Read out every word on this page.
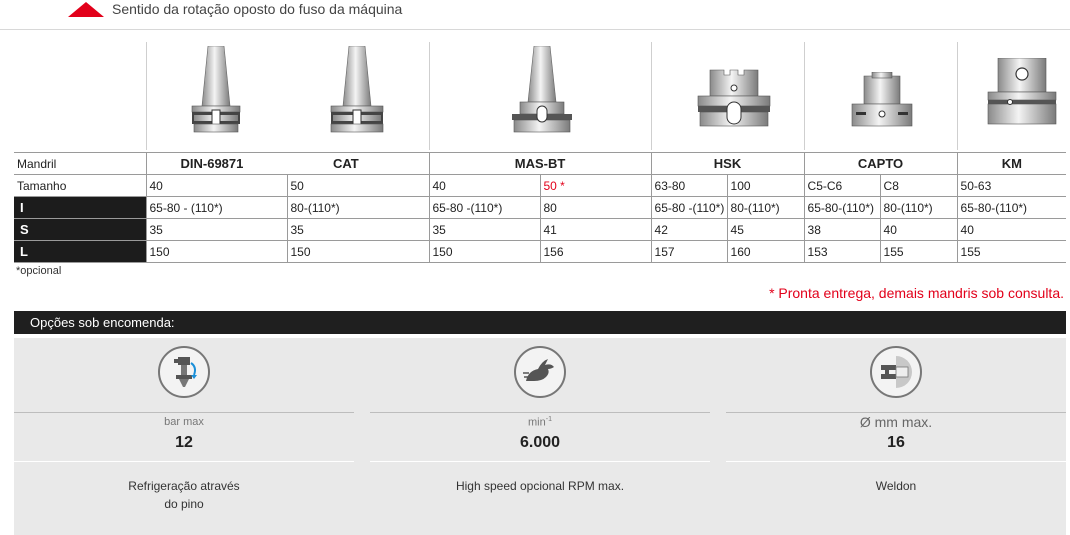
Sentido da rotação oposto do fuso da máquina
Mandril	DIN-69871	CAT	MAS-BT		HSK		CAPTO		KM
Tamanho	40	50	40	50 *	63-80	100	C5-C6	C8	50-63
I	65-80 - (110*)	80-(110*)	65-80 -(110*)	80	65-80 -(110*)	80-(110*)	65-80-(110*)	80-(110*)	65-80-(110*)
S	35	35	35	41	42	45	38	40	40
L	150	150	150	156	157	160	153	155	155
*opcional
* Pronta entrega, demais mandris sob consulta.
Opções sob encomenda:
bar max
12
Refrigeração através
do pino
$\min^{-1}$
6.000
High speed opcional RPM max.
Ø mm max.
16
Weldon
